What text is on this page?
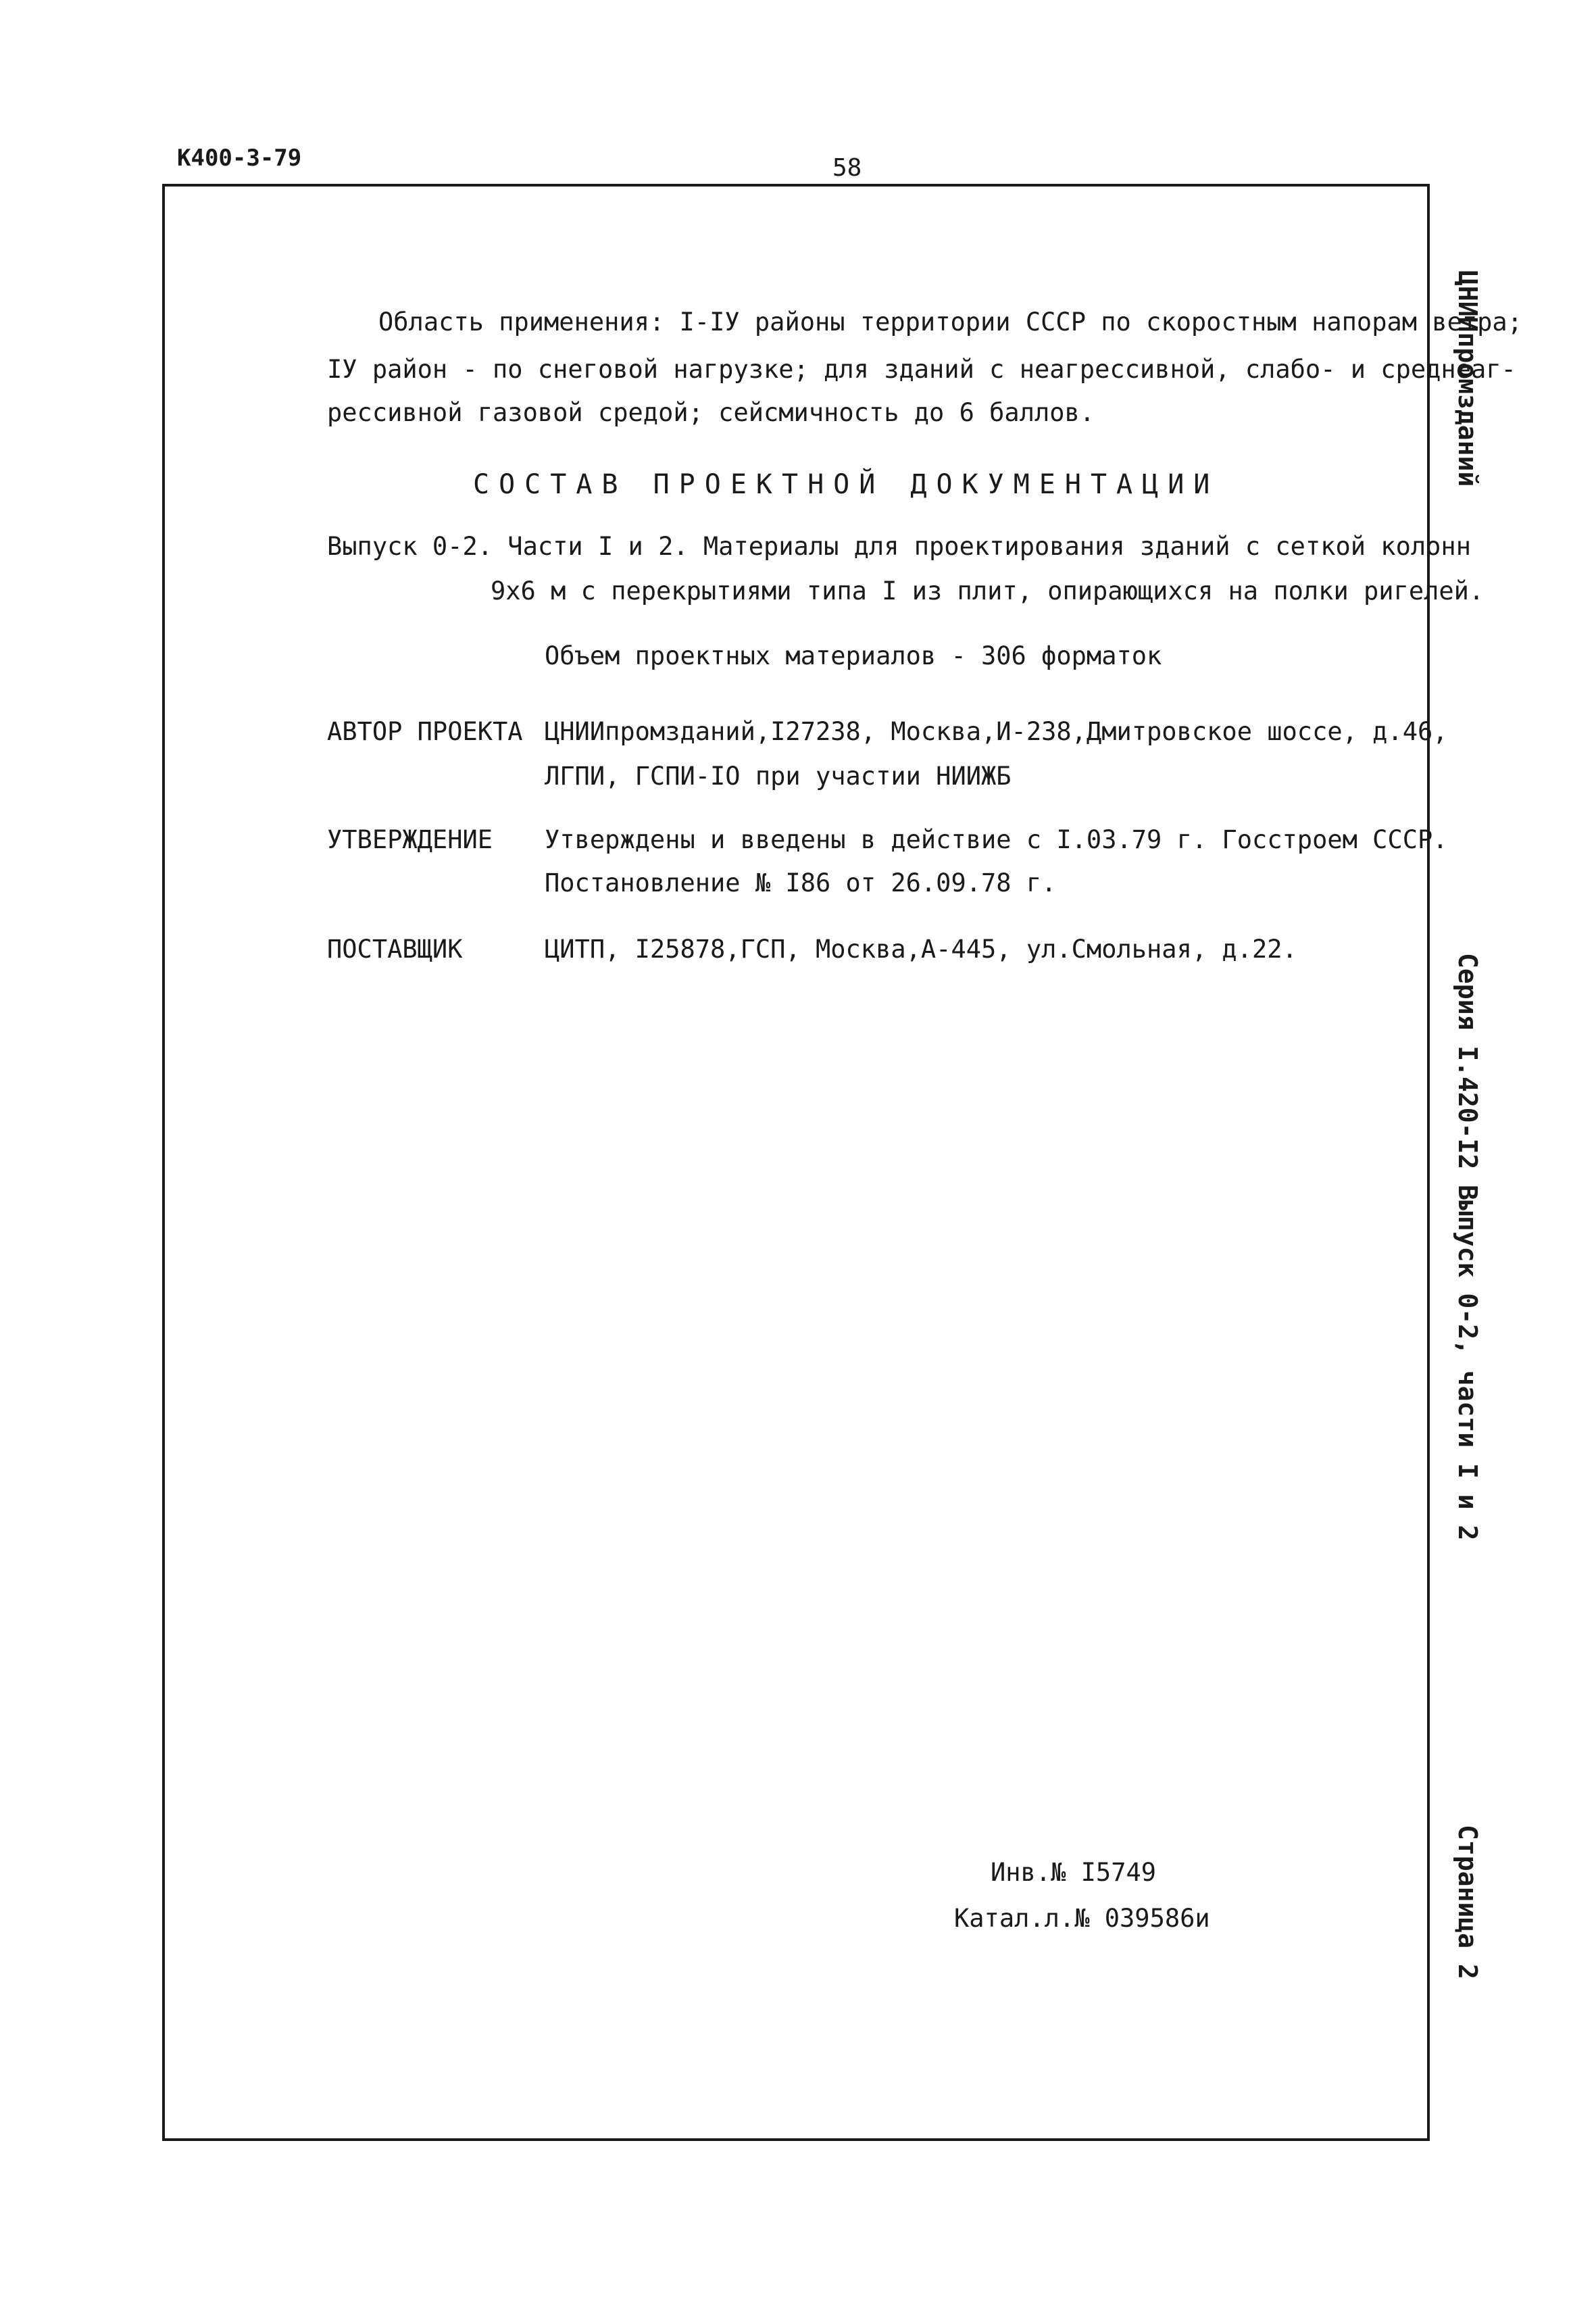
К400-3-79	58
Область применения: I-IУ районы территории СССР по скоростным напорам ветра;
IУ район - по снеговой нагрузке; для зданий с неагрессивной, слабо- и среднеаг-
рессивной газовой средой; сейсмичность до 6 баллов.
СОСТАВ ПРОЕКТНОЙ ДОКУМЕНТАЦИИ
Выпуск 0-2. Части I и 2. Материалы для проектирования зданий с сеткой колонн
9х6 м с перекрытиями типа I из плит, опирающихся на полки ригелей.
Объем проектных материалов - 306 форматок
АВТОР ПРОЕКТА ЦНИИпромзданий,I27238, Москва,И-238,Дмитровское шоссе, д.46,
ЛГПИ, ГСПИ-IO при участии НИИЖБ
УТВЕРЖДЕНИЕ Утверждены и введены в действие с I.03.79 г. Госстроем СССР.
Постановление № I86 от 26.09.78 г.
ПОСТАВЩИК	ЦИТП, I25878,ГСП, Москва,А-445, ул.Смольная, д.22.
Инв.№ I5749
Катал.л.№ 039586и
ЦНИИпромзданий
Серия I.420-I2 Выпуск 0-2, части I и 2
Страница 2
